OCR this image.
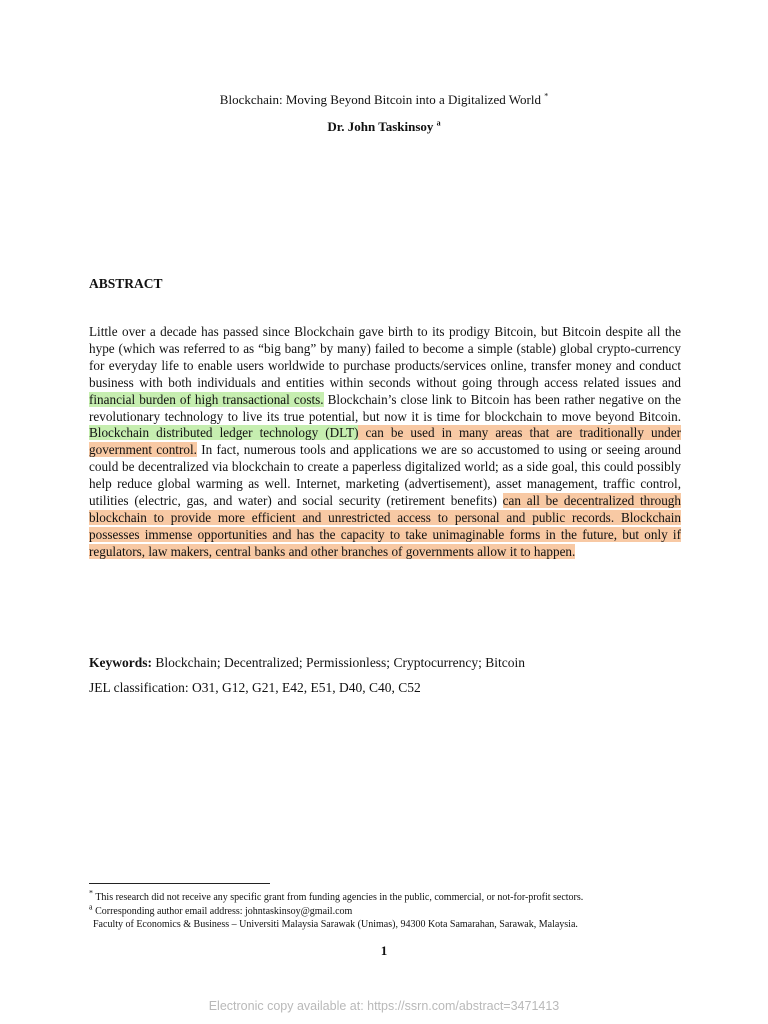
Blockchain: Moving Beyond Bitcoin into a Digitalized World *
Dr. John Taskinsoy $^a$
ABSTRACT
Little over a decade has passed since Blockchain gave birth to its prodigy Bitcoin, but Bitcoin despite all the hype (which was referred to as “big bang” by many) failed to become a simple (stable) global crypto-currency for everyday life to enable users worldwide to purchase products/services online, transfer money and conduct business with both individuals and entities within seconds without going through access related issues and financial burden of high transactional costs. Blockchain’s close link to Bitcoin has been rather negative on the revolutionary technology to live its true potential, but now it is time for blockchain to move beyond Bitcoin. Blockchain distributed ledger technology (DLT) can be used in many areas that are traditionally under government control. In fact, numerous tools and applications we are so accustomed to using or seeing around could be decentralized via blockchain to create a paperless digitalized world; as a side goal, this could possibly help reduce global warming as well. Internet, marketing (advertisement), asset management, traffic control, utilities (electric, gas, and water) and social security (retirement benefits) can all be decentralized through blockchain to provide more efficient and unrestricted access to personal and public records. Blockchain possesses immense opportunities and has the capacity to take unimaginable forms in the future, but only if regulators, law makers, central banks and other branches of governments allow it to happen.
Keywords: Blockchain; Decentralized; Permissionless; Cryptocurrency; Bitcoin
JEL classification: O31, G12, G21, E42, E51, D40, C40, C52
* This research did not receive any specific grant from funding agencies in the public, commercial, or not-for-profit sectors.
$^a$ Corresponding author email address: johntaskinsoy@gmail.com
Faculty of Economics & Business – Universiti Malaysia Sarawak (Unimas), 94300 Kota Samarahan, Sarawak, Malaysia.
1
Electronic copy available at: https://ssrn.com/abstract=3471413
